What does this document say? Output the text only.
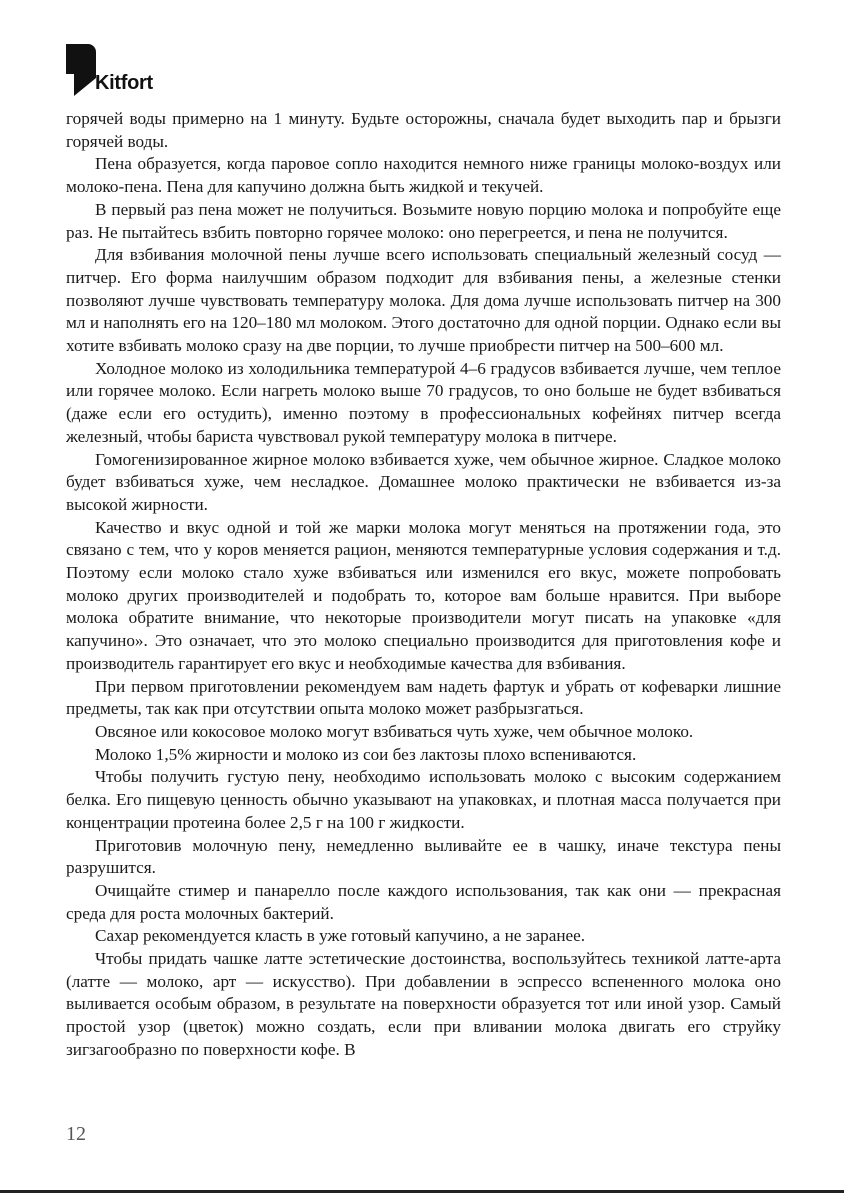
Kitfort

горячей воды примерно на 1 минуту. Будьте осторожны, сначала будет выходить пар и брызги горячей воды.

Пена образуется, когда паровое сопло находится немного ниже границы молоко-воздух или молоко-пена. Пена для капучино должна быть жидкой и текучей.

В первый раз пена может не получиться. Возьмите новую порцию молока и попробуйте еще раз. Не пытайтесь взбить повторно горячее молоко: оно перегреется, и пена не получится.

Для взбивания молочной пены лучше всего использовать специальный железный сосуд — питчер. Его форма наилучшим образом подходит для взбивания пены, а железные стенки позволяют лучше чувствовать температуру молока. Для дома лучше использовать питчер на 300 мл и наполнять его на 120–180 мл молоком. Этого достаточно для одной порции. Однако если вы хотите взбивать молоко сразу на две порции, то лучше приобрести питчер на 500–600 мл.

Холодное молоко из холодильника температурой 4–6 градусов взбивается лучше, чем теплое или горячее молоко. Если нагреть молоко выше 70 градусов, то оно больше не будет взбиваться (даже если его остудить), именно поэтому в профессиональных кофейнях питчер всегда железный, чтобы бариста чувствовал рукой температуру молока в питчере.

Гомогенизированное жирное молоко взбивается хуже, чем обычное жирное. Сладкое молоко будет взбиваться хуже, чем несладкое. Домашнее молоко практически не взбивается из-за высокой жирности.

Качество и вкус одной и той же марки молока могут меняться на протяжении года, это связано с тем, что у коров меняется рацион, меняются температурные условия содержания и т.д. Поэтому если молоко стало хуже взбиваться или изменился его вкус, можете попробовать молоко других производителей и подобрать то, которое вам больше нравится. При выборе молока обратите внимание, что некоторые производители могут писать на упаковке «для капучино». Это означает, что это молоко специально производится для приготовления кофе и производитель гарантирует его вкус и необходимые качества для взбивания.

При первом приготовлении рекомендуем вам надеть фартук и убрать от кофеварки лишние предметы, так как при отсутствии опыта молоко может разбрызгаться.

Овсяное или кокосовое молоко могут взбиваться чуть хуже, чем обычное молоко.

Молоко 1,5% жирности и молоко из сои без лактозы плохо вспениваются.

Чтобы получить густую пену, необходимо использовать молоко с высоким содержанием белка. Его пищевую ценность обычно указывают на упаковках, и плотная масса получается при концентрации протеина более 2,5 г на 100 г жидкости.

Приготовив молочную пену, немедленно выливайте ее в чашку, иначе текстура пены разрушится.

Очищайте стимер и панарелло после каждого использования, так как они — прекрасная среда для роста молочных бактерий.

Сахар рекомендуется класть в уже готовый капучино, а не заранее.

Чтобы придать чашке латте эстетические достоинства, воспользуйтесь техникой латте-арта (латте — молоко, арт — искусство). При добавлении в эспрессо вспененного молока оно выливается особым образом, в результате на поверхности образуется тот или иной узор. Самый простой узор (цветок) можно создать, если при вливании молока двигать его струйку зигзагообразно по поверхности кофе. В

12
